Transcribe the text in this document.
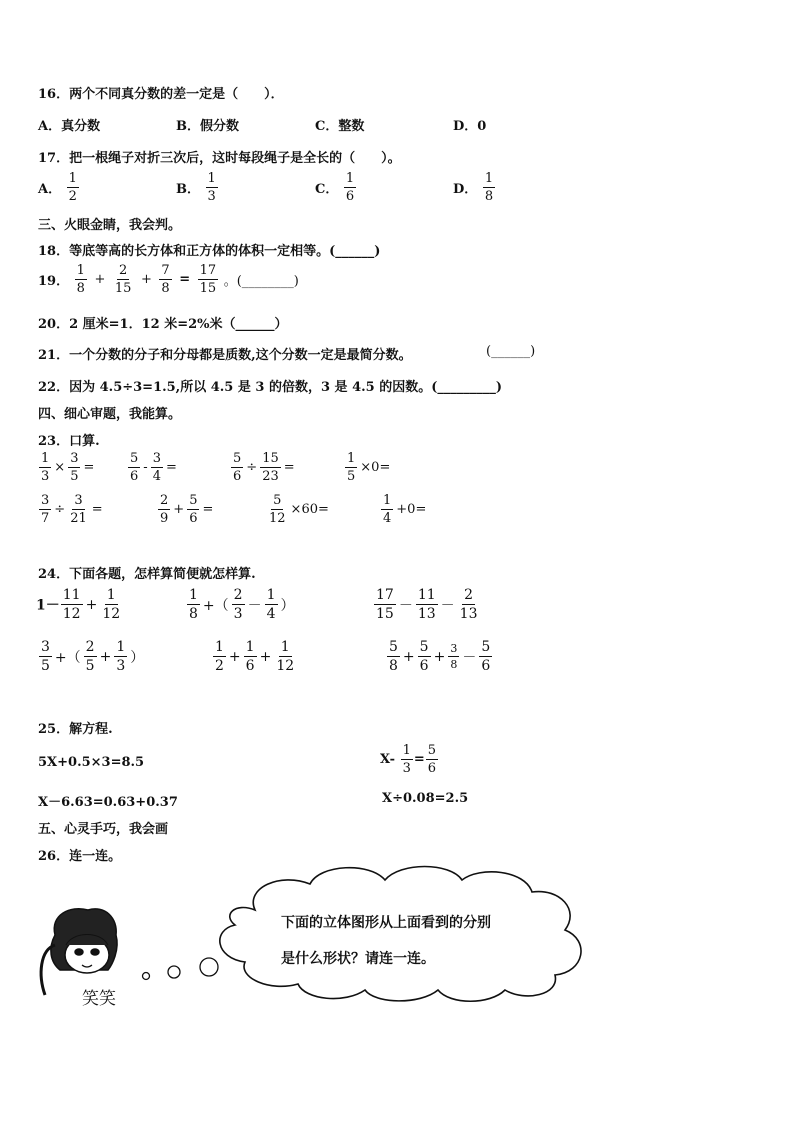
16．两个不同真分数的差一定是（　　）．
A．真分数	B．假分数	C．整数	D．0
17．把一根绳子对折三次后，这时每段绳子是全长的（　　）。
A． $\frac{1}{2}$	B． $\frac{1}{3}$	C． $\frac{1}{6}$	D． $\frac{1}{8}$
三、火眼金睛，我会判。
18．等底等高的长方体和正方体的体积一定相等。(______)
19． $\frac{1}{8} + \frac{2}{15} + \frac{7}{8} = \frac{17}{15}$ 。(________)
20．2 厘米=1．12 米=2%米（______）
21．一个分数的分子和分母都是质数,这个分数一定是最简分数。	(______)
22．因为 4.5÷3=1.5,所以 4.5 是 3 的倍数，3 是 4.5 的因数。(_________)
四、细心审题，我能算。
23．口算.
$\frac{1}{3} \times \frac{3}{5}$ =	$\frac{5}{6} - \frac{3}{4}$ =	$\frac{5}{6} \div \frac{15}{23}$ =	$\frac{1}{5} \times 0=$
$\frac{3}{7} \div \frac{3}{21}$ =	$\frac{2}{9} + \frac{5}{6}$ =	$\frac{5}{12} \times 60=$	$\frac{1}{4} +0=$
24．下面各题，怎样算简便就怎样算.
$1- \frac{11}{12} + \frac{1}{12}$	$\frac{1}{8}$ +（ $\frac{2}{3} - \frac{1}{4}$ ）	$\frac{17}{15} - \frac{11}{13} - \frac{2}{13}$
$\frac{3}{5}$ +（ $\frac{2}{5} + \frac{1}{3}$ ）	$\frac{1}{2} + \frac{1}{6} + \frac{1}{12}$	$\frac{5}{8} + \frac{5}{6} + \frac{3}{8} - \frac{5}{6}$
25．解方程.
5X+0.5×3=8.5	$X- \frac{1}{3} = \frac{5}{6}$
X－6.63=0.63+0.37	X÷0.08=2.5
五、心灵手巧，我会画
26．连一连。
下面的立体图形从上面看到的分别
是什么形状？请连一连。
笑笑
